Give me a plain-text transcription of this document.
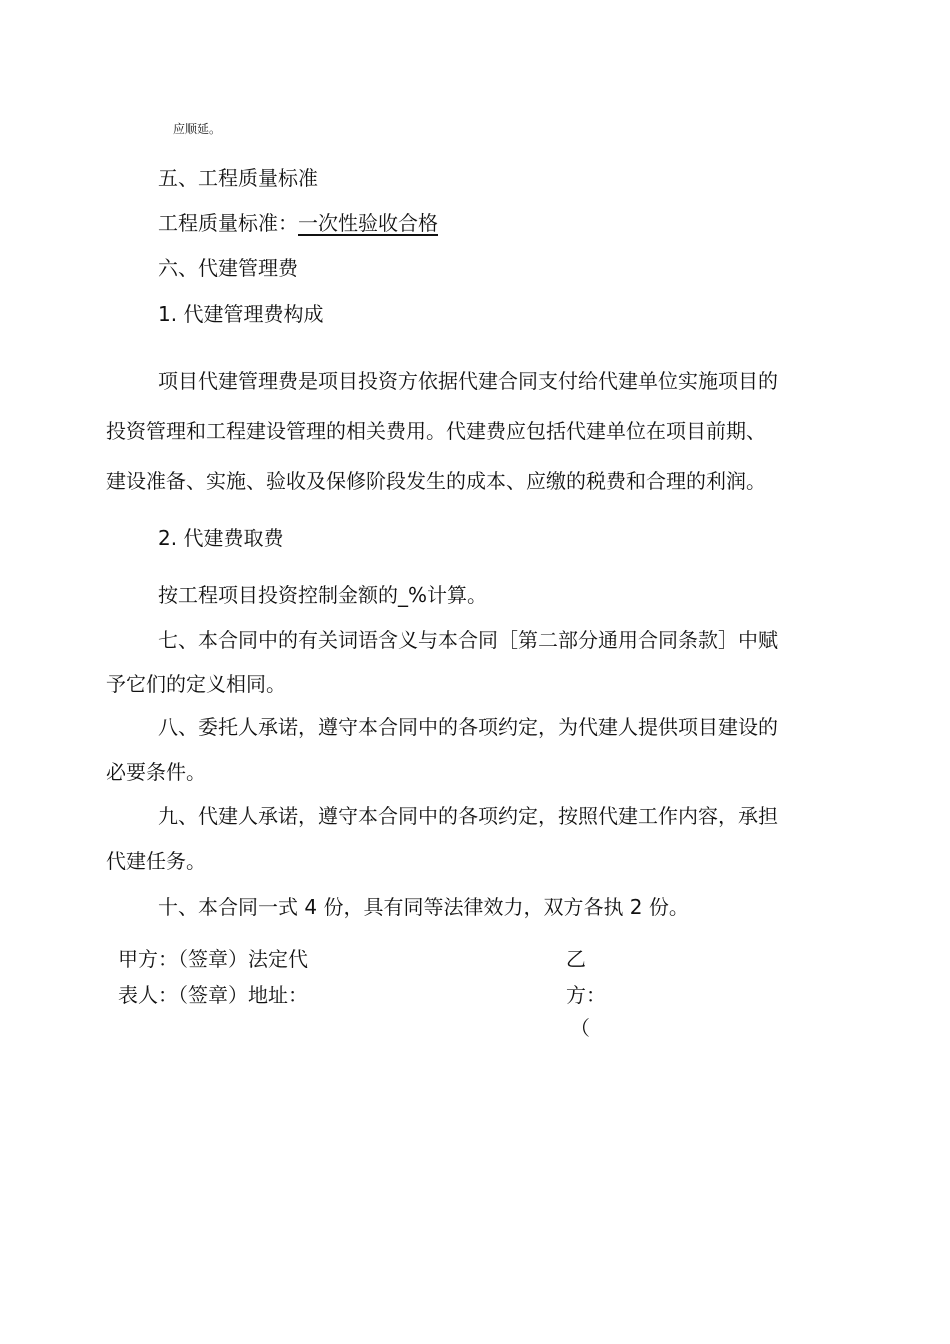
应顺延。
五、工程质量标准
工程质量标准：一次性验收合格
六、代建管理费
1. 代建管理费构成
项目代建管理费是项目投资方依据代建合同支付给代建单位实施项目的
投资管理和工程建设管理的相关费用。代建费应包括代建单位在项目前期、
建设准备、实施、验收及保修阶段发生的成本、应缴的税费和合理的利润。
2. 代建费取费
按工程项目投资控制金额的_%计算。
七、本合同中的有关词语含义与本合同［第二部分通用合同条款］中赋
予它们的定义相同。
八、委托人承诺，遵守本合同中的各项约定，为代建人提供项目建设的
必要条件。
九、代建人承诺，遵守本合同中的各项约定，按照代建工作内容，承担
代建任务。
十、本合同一式 4 份，具有同等法律效力，双方各执 2 份。
甲方：（签章）法定代
表人：（签章）地址：
乙
方：
（
